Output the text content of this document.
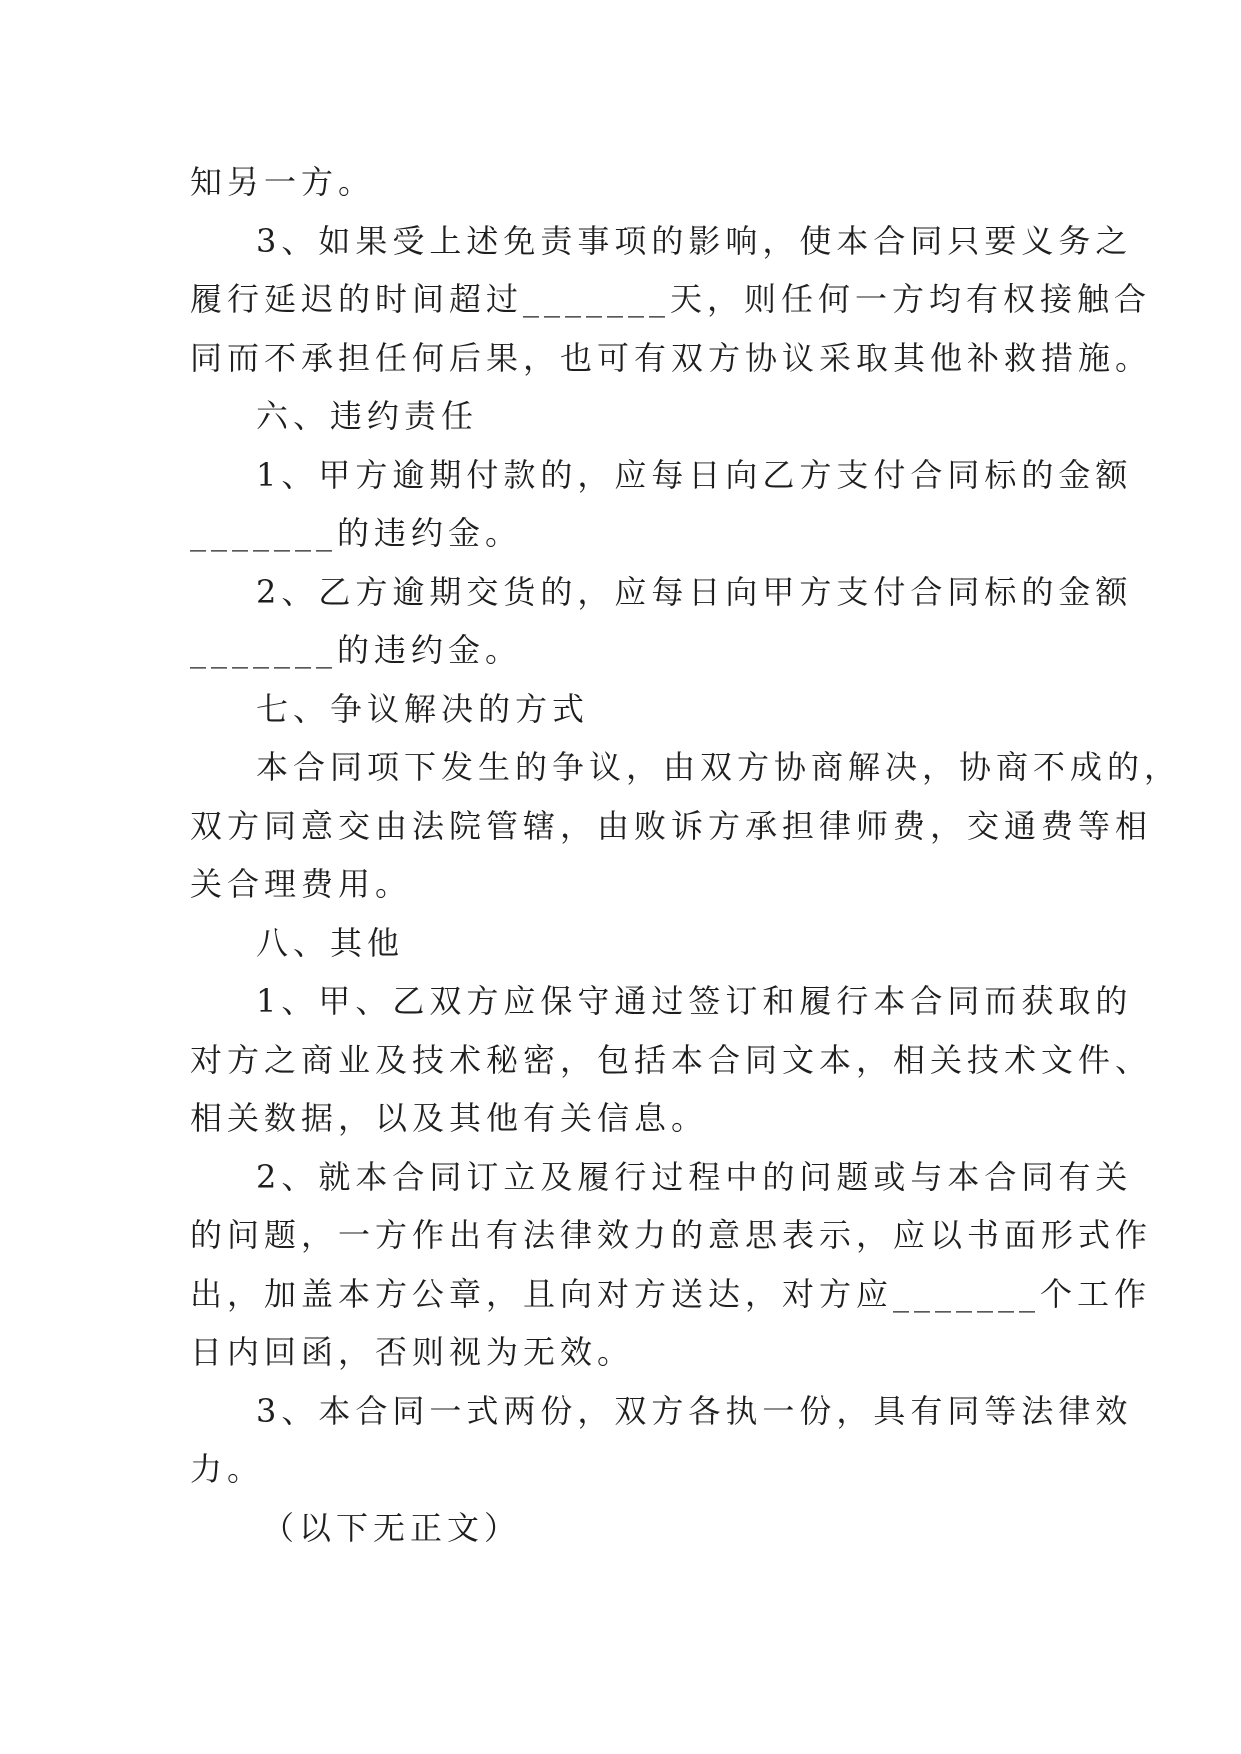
知另一方。
3、如果受上述免责事项的影响，使本合同只要义务之
履行延迟的时间超过_______天，则任何一方均有权接触合
同而不承担任何后果，也可有双方协议采取其他补救措施。
六、违约责任
1、甲方逾期付款的，应每日向乙方支付合同标的金额
_______的违约金。
2、乙方逾期交货的，应每日向甲方支付合同标的金额
_______的违约金。
七、争议解决的方式
本合同项下发生的争议，由双方协商解决，协商不成的，
双方同意交由法院管辖，由败诉方承担律师费，交通费等相
关合理费用。
八、其他
1、甲、乙双方应保守通过签订和履行本合同而获取的
对方之商业及技术秘密，包括本合同文本，相关技术文件、
相关数据，以及其他有关信息。
2、就本合同订立及履行过程中的问题或与本合同有关
的问题，一方作出有法律效力的意思表示，应以书面形式作
出，加盖本方公章，且向对方送达，对方应_______个工作
日内回函，否则视为无效。
3、本合同一式两份，双方各执一份，具有同等法律效
力。
（以下无正文）
